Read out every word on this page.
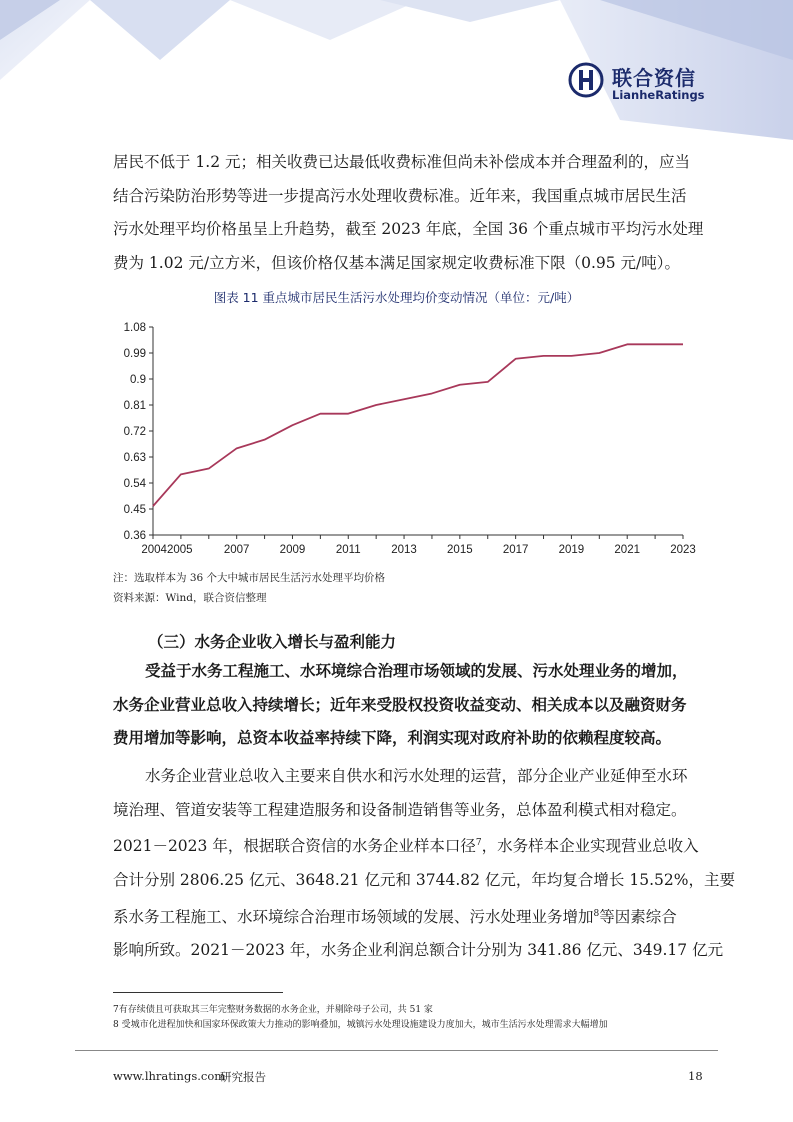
联合资信
LianheRatings

居民不低于 1.2 元；相关收费已达最低收费标准但尚未补偿成本并合理盈利的，应当

结合污染防治形势等进一步提高污水处理收费标准。近年来，我国重点城市居民生活

污水处理平均价格虽呈上升趋势，截至 2023 年底，全国 36 个重点城市平均污水处理

费为 1.02 元/立方米，但该价格仅基本满足国家规定收费标准下限（0.95 元/吨）。

图表 11 重点城市居民生活污水处理均价变动情况（单位：元/吨）
1.08
0.99
0.9
0.81
0.72
0.63
0.54
0.45
0.36
20042005	2007	2009	2011	2013	2015	2017	2019	2021	2023
注：选取样本为 36 个大中城市居民生活污水处理平均价格
资料来源：Wind，联合资信整理
（三）水务企业收入增长与盈利能力

受益于水务工程施工、水环境综合治理市场领域的发展、污水处理业务的增加，

水务企业营业总收入持续增长；近年来受股权投资收益变动、相关成本以及融资财务

费用增加等影响，总资本收益率持续下降，利润实现对政府补助的依赖程度较高。

水务企业营业总收入主要来自供水和污水处理的运营，部分企业产业延伸至水环

境治理、管道安装等工程建造服务和设备制造销售等业务，总体盈利模式相对稳定。

2021－2023 年，根据联合资信的水务企业样本口径$^7$，水务样本企业实现营业总收入

合计分别 2806.25 亿元、3648.21 亿元和 3744.82 亿元，年均复合增长 15.52%，主要

系水务工程施工、水环境综合治理市场领域的发展、污水处理业务增加$^8$等因素综合

影响所致。2021－2023 年，水务企业利润总额合计分别为 341.86 亿元、349.17 亿元

7有存续债且可获取其三年完整财务数据的水务企业，并剔除母子公司，共 51 家
8 受城市化进程加快和国家环保政策大力推动的影响叠加，城镇污水处理设施建设力度加大，城市生活污水处理需求大幅增加
www.lhratings.com
研究报告	18
